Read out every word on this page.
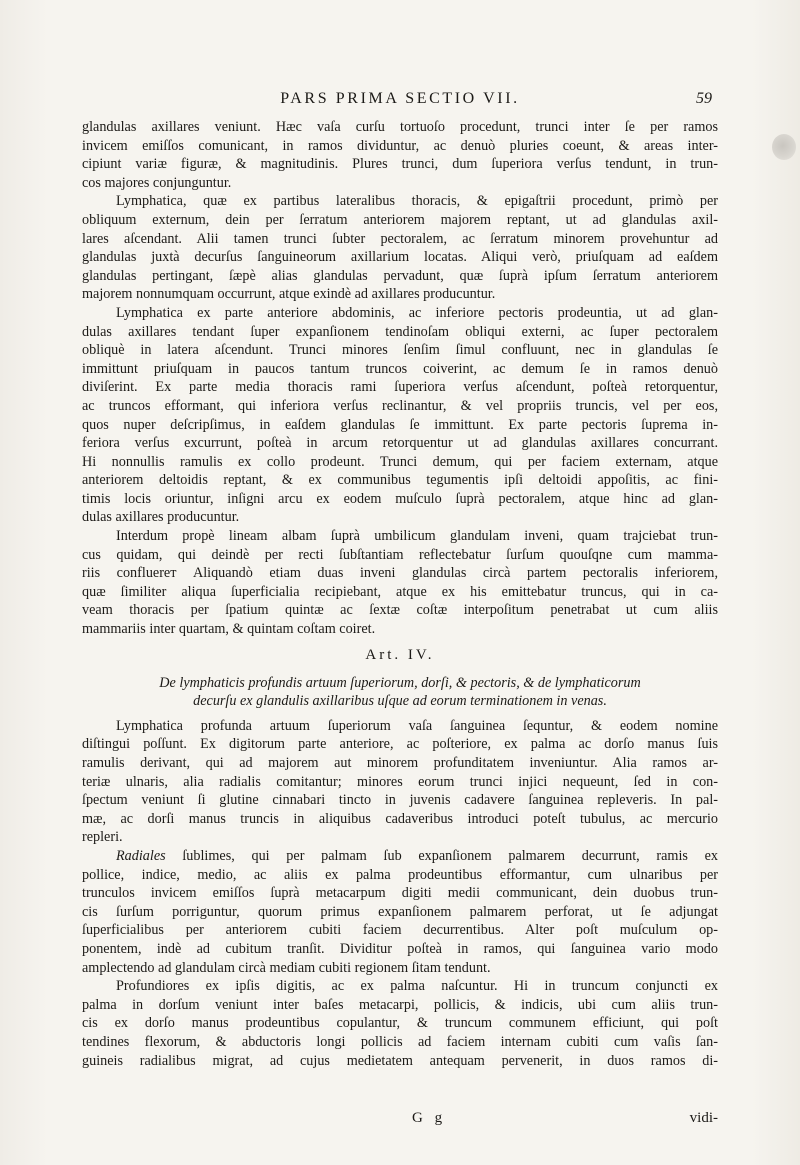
PARS PRIMA SECTIO VII.	59
glandulas axillares veniunt. Hæc vaſa curſu tortuoſo procedunt, trunci inter ſe per ramos
invicem emiſſos comunicant, in ramos dividuntur, ac denuò pluries coeunt, & areas inter-
cipiunt variæ figuræ, & magnitudinis. Plures trunci, dum ſuperiora verſus tendunt, in trun-
cos majores conjunguntur.
Lymphatica, quæ ex partibus lateralibus thoracis, & epigaſtrii procedunt, primò per
obliquum externum, dein per ſerratum anteriorem majorem reptant, ut ad glandulas axil-
lares aſcendant. Alii tamen trunci ſubter pectoralem, ac ſerratum minorem provehuntur ad
glandulas juxtà decurſus ſanguineorum axillarium locatas. Aliqui verò, priuſquam ad eaſdem
glandulas pertingant, ſæpè alias glandulas pervadunt, quæ ſuprà ipſum ſerratum anteriorem
majorem nonnumquam occurrunt, atque exindè ad axillares producuntur.
Lymphatica ex parte anteriore abdominis, ac inferiore pectoris prodeuntia, ut ad glan-
dulas axillares tendant ſuper expanſionem tendinoſam obliqui externi, ac ſuper pectoralem
obliquè in latera aſcendunt. Trunci minores ſenſim ſimul confluunt, nec in glandulas ſe
immittunt priuſquam in paucos tantum truncos coiverint, ac demum ſe in ramos denuò
diviſerint. Ex parte media thoracis rami ſuperiora verſus aſcendunt, poſteà retorquentur,
ac truncos efformant, qui inferiora verſus reclinantur, & vel propriis truncis, vel per eos,
quos nuper deſcripſimus, in eaſdem glandulas ſe immittunt. Ex parte pectoris ſuprema in-
feriora verſus excurrunt, poſteà in arcum retorquentur ut ad glandulas axillares concurrant.
Hi nonnullis ramulis ex collo prodeunt. Trunci demum, qui per faciem externam, atque
anteriorem deltoidis reptant, & ex communibus tegumentis ipſi deltoidi appoſitis, ac fini-
timis locis oriuntur, inſigni arcu ex eodem muſculo ſuprà pectoralem, atque hinc ad glan-
dulas axillares producuntur.
Interdum propè lineam albam ſuprà umbilicum glandulam inveni, quam trajciebat trun-
cus quidam, qui deindè per recti ſubſtantiam reflectebatur ſurſum quouſqne cum mamma-
riis confluerет Aliquandò etiam duas inveni glandulas circà partem pectoralis inferiorem,
quæ ſimiliter aliqua ſuperficialia recipiebant, atque ex his emittebatur truncus, qui in ca-
veam thoracis per ſpatium quintæ ac ſextæ coſtæ interpoſitum penetrabat ut cum aliis
mammariis inter quartam, & quintam coſtam coiret.
Art. IV.
De lymphaticis profundis artuum ſuperiorum, dorſi, & pectoris, & de lymphaticorum
decurſu ex glandulis axillaribus uſque ad eorum terminationem in venas.
Lymphatica profunda artuum ſuperiorum vaſa ſanguinea ſequntur, & eodem nomine
diſtingui poſſunt. Ex digitorum parte anteriore, ac poſteriore, ex palma ac dorſo manus ſuis
ramulis derivant, qui ad majorem aut minorem profunditatem inveniuntur. Alia ramos ar-
teriæ ulnaris, alia radialis comitantur; minores eorum trunci injici nequeunt, ſed in con-
ſpectum veniunt ſi glutine cinnabari tincto in juvenis cadavere ſanguinea repleveris. In pal-
mæ, ac dorſi manus truncis in aliquibus cadaveribus introduci poteſt tubulus, ac mercurio
repleri.
Radiales ſublimes, qui per palmam ſub expanſionem palmarem decurrunt, ramis ex
pollice, indice, medio, ac aliis ex palma prodeuntibus efformantur, cum ulnaribus per
trunculos invicem emiſſos ſuprà metacarpum digiti medii communicant, dein duobus trun-
cis ſurſum porriguntur, quorum primus expanſionem palmarem perforat, ut ſe adjungat
ſuperficialibus per anteriorem cubiti faciem decurrentibus. Alter poſt muſculum op-
ponentem, indè ad cubitum tranſit. Dividitur poſteà in ramos, qui ſanguinea vario modo
amplectendo ad glandulam circà mediam cubiti regionem ſitam tendunt.
Profundiores ex ipſis digitis, ac ex palma naſcuntur. Hi in truncum conjuncti ex
palma in dorſum veniunt inter baſes metacarpi, pollicis, & indicis, ubi cum aliis trun-
cis ex dorſo manus prodeuntibus copulantur, & truncum communem efficiunt, qui poſt
tendines flexorum, & abductoris longi pollicis ad faciem internam cubiti cum vaſis ſan-
guineis radialibus migrat, ad cujus medietatem antequam pervenerit, in duos ramos di-
G g	vidi-
